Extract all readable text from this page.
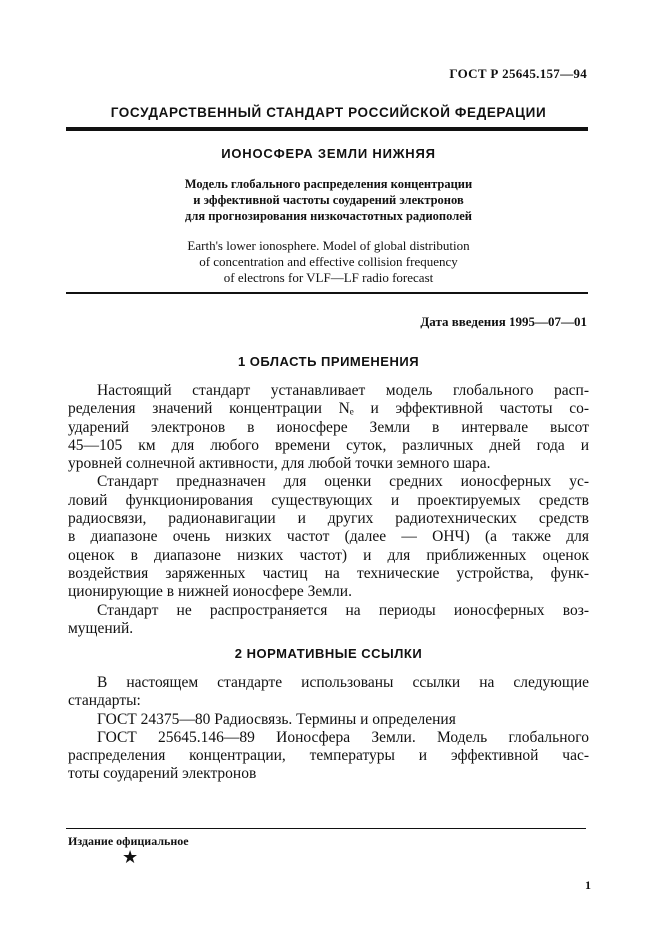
ГОСТ Р 25645.157—94
ГОСУДАРСТВЕННЫЙ СТАНДАРТ РОССИЙСКОЙ ФЕДЕРАЦИИ
ИОНОСФЕРА ЗЕМЛИ НИЖНЯЯ
Модель глобального распределения концентрации
и эффективной частоты соударений электронов
для прогнозирования низкочастотных радиополей
Earth's lower ionosphere. Model of global distribution
of concentration and effective collision frequency
of electrons for VLF—LF radio forecast
Дата введения 1995—07—01
1 ОБЛАСТЬ ПРИМЕНЕНИЯ

Настоящий стандарт устанавливает модель глобального расп-

ределения значений концентрации Nₑ и эффективной частоты со-

ударений электронов в ионосфере Земли в интервале высот

45—105 км для любого времени суток, различных дней года и

уровней солнечной активности, для любой точки земного шара.

Стандарт предназначен для оценки средних ионосферных ус-

ловий функционирования существующих и проектируемых средств

радиосвязи, радионавигации и других радиотехнических средств

в диапазоне очень низких частот (далее — ОНЧ) (а также для

оценок в диапазоне низких частот) и для приближенных оценок

воздействия заряженных частиц на технические устройства, функ-

ционирующие в нижней ионосфере Земли.

Стандарт не распространяется на периоды ионосферных воз-

мущений.

2 НОРМАТИВНЫЕ ССЫЛКИ

В настоящем стандарте использованы ссылки на следующие

стандарты:

ГОСТ 24375—80 Радиосвязь. Термины и определения

ГОСТ 25645.146—89 Ионосфера Земли. Модель глобального

распределения концентрации, температуры и эффективной час-

тоты соударений электронов

Издание официальное
★
1
